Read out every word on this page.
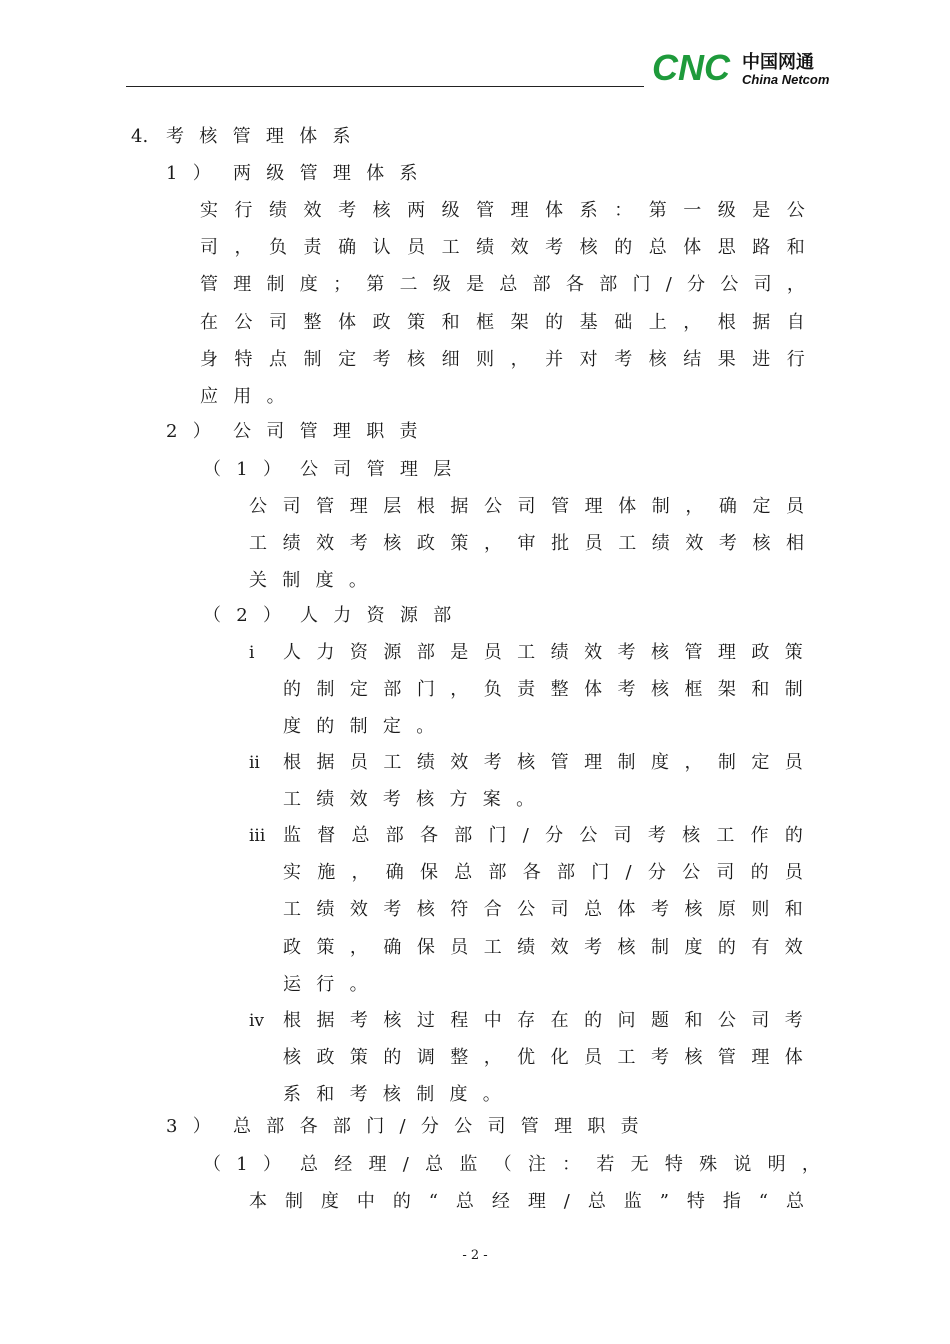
CNC 中国网通
China Netcom
4. 考核管理体系
1） 两级管理体系
实 行 绩 效 考 核 两 级 管 理 体 系 ： 第 一 级 是 公
司 ， 负 责 确 认 员 工 绩 效 考 核 的 总 体 思 路 和
管 理 制 度 ； 第 二 级 是 总 部 各 部 门 / 分 公 司 ，
在 公 司 整 体 政 策 和 框 架 的 基 础 上 ， 根 据 自
身 特 点 制 定 考 核 细 则 ， 并 对 考 核 结 果 进 行
应 用 。
2） 公司管理职责
（1） 公司管理层
公 司 管 理 层 根 据 公 司 管 理 体 制 ， 确 定 员
工 绩 效 考 核 政 策 ， 审 批 员 工 绩 效 考 核 相
关 制 度 。
（2） 人力资源部
i 人 力 资 源 部 是 员 工 绩 效 考 核 管 理 政 策
的 制 定 部 门 ， 负 责 整 体 考 核 框 架 和 制
度 的 制 定 。
ii 根 据 员 工 绩 效 考 核 管 理 制 度 ， 制 定 员
工 绩 效 考 核 方 案 。
iii 监 督 总 部 各 部 门 / 分 公 司 考 核 工 作 的
实 施 ， 确 保 总 部 各 部 门 / 分 公 司 的 员
工 绩 效 考 核 符 合 公 司 总 体 考 核 原 则 和
政 策 ， 确 保 员 工 绩 效 考 核 制 度 的 有 效
运 行 。
iv 根 据 考 核 过 程 中 存 在 的 问 题 和 公 司 考
核 政 策 的 调 整 ， 优 化 员 工 考 核 管 理 体
系 和 考 核 制 度 。
3） 总部各部门/分公司管理职责
（1） 总 经 理 / 总 监 （ 注 ： 若 无 特 殊 说 明 ，
本 制 度 中 的 “ 总 经 理 / 总 监 ” 特 指 “ 总
- 2 -
